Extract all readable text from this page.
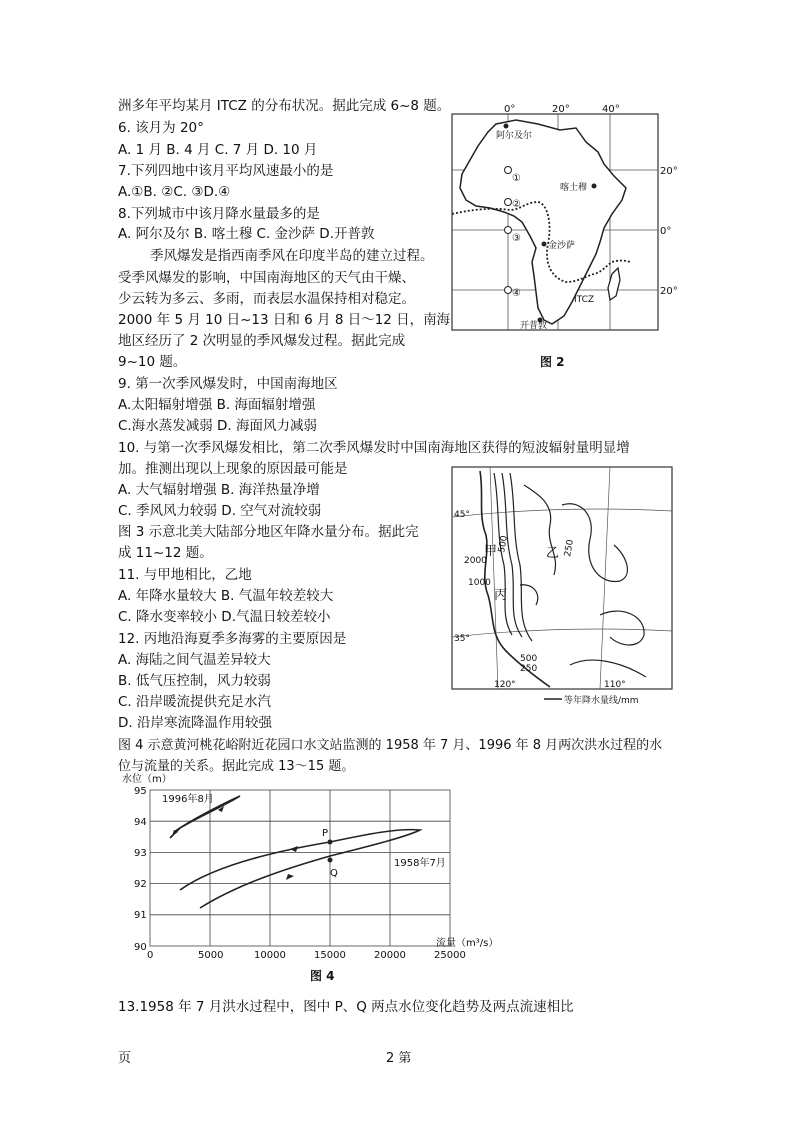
洲多年平均某月 ITCZ 的分布状况。据此完成 6~8 题。
6. 该月为 20°
A. 1 月 B. 4 月 C. 7 月 D. 10 月
7.下列四地中该月平均风速最小的是
A.①B. ②C. ③D.④
8.下列城市中该月降水量最多的是
A. 阿尔及尔 B. 喀土穆 C. 金沙萨 D.开普敦
季风爆发是指西南季风在印度半岛的建立过程。
受季风爆发的影响，中国南海地区的天气由干燥、
少云转为多云、多雨，而表层水温保持相对稳定。
2000 年 5 月 10 日~13 日和 6 月 8 日～12 日，南海
地区经历了 2 次明显的季风爆发过程。据此完成
9~10 题。
9. 第一次季风爆发时，中国南海地区
A.太阳辐射增强 B. 海面辐射增强
C.海水蒸发减弱 D. 海面风力减弱
10. 与第一次季风爆发相比，第二次季风爆发时中国南海地区获得的短波辐射量明显增
加。推测出现以上现象的原因最可能是
A. 大气辐射增强 B. 海洋热量净增
C. 季风风力较弱 D. 空气对流较弱
图 3 示意北美大陆部分地区年降水量分布。据此完
成 11~12 题。
11. 与甲地相比，乙地
A. 年降水量较大 B. 气温年较差较大
C. 降水变率较小 D.气温日较差较小
12. 丙地沿海夏季多海雾的主要原因是
A. 海陆之间气温差异较大
B. 低气压控制，风力较弱
C. 沿岸暖流提供充足水汽
D. 沿岸寒流降温作用较强
图 4 示意黄河桃花峪附近花园口水文站监测的 1958 年 7 月、1996 年 8 月两次洪水过程的水
位与流量的关系。据此完成 13～15 题。
13.1958 年 7 月洪水过程中，图中 P、Q 两点水位变化趋势及两点流速相比
页	2 第
0°	20°	40°
20°
0°
20°
阿尔及尔
喀土穆
金沙萨
开普敦
①
②
③
④
ITCZ
图 2
45°
35°
120°	110°
甲	乙
丙
500	250
2000
1000
500
250
等年降水量线/mm
水位（m）
95
94
93
92
91
90
0	5000	10000	15000	20000	25000
流量（m³/s）
1996年8月
1958年7月
P
Q
图 4
